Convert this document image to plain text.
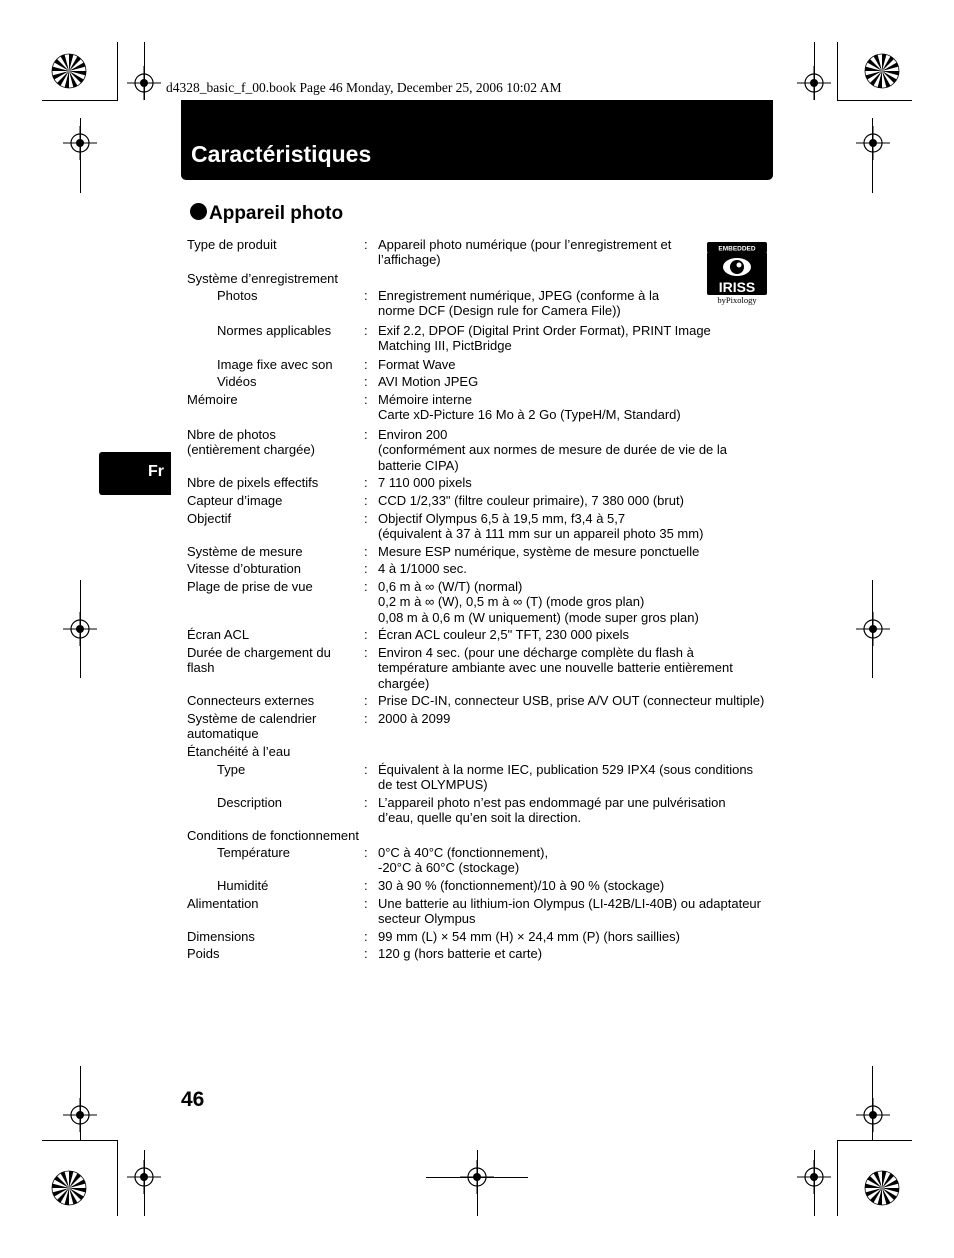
d4328_basic_f_00.book Page 46 Monday, December 25, 2006 10:02 AM
Caractéristiques
Fr
Appareil photo
EMBEDDED
IRISS
byPixology
Type de produit	: Appareil photo numérique (pour l’enregistrement et
l’affichage)
Système d’enregistrement
Photos	: Enregistrement numérique, JPEG (conforme à la
norme DCF (Design rule for Camera File))
Normes applicables	: Exif 2.2, DPOF (Digital Print Order Format), PRINT Image
Matching III, PictBridge
Image fixe avec son	: Format Wave
Vidéos	: AVI Motion JPEG
Mémoire	: Mémoire interne
Carte xD-Picture 16 Mo à 2 Go (TypeH/M, Standard)
Nbre de photos (entièrement chargée)
: Environ 200
(conformément aux normes de mesure de durée de vie de la
batterie CIPA)
Nbre de pixels effectifs	: 7 110 000 pixels
Capteur d’image	: CCD 1/2,33" (filtre couleur primaire), 7 380 000 (brut)
Objectif	: Objectif Olympus 6,5 à 19,5 mm, f3,4 à 5,7
(équivalent à 37 à 111 mm sur un appareil photo 35 mm)
Système de mesure	: Mesure ESP numérique, système de mesure ponctuelle
Vitesse d’obturation	: 4 à 1/1000 sec.
Plage de prise de vue	: 0,6 m à ∞ (W/T) (normal)
0,2 m à ∞ (W), 0,5 m à ∞ (T) (mode gros plan)
0,08 m à 0,6 m (W uniquement) (mode super gros plan)
Écran ACL	: Écran ACL couleur 2,5" TFT, 230 000 pixels
Durée de chargement du flash
: Environ 4 sec. (pour une décharge complète du flash à
température ambiante avec une nouvelle batterie entièrement
chargée)
Connecteurs externes	: Prise DC-IN, connecteur USB, prise A/V OUT (connecteur multiple)
Système de calendrier automatique
: 2000 à 2099
Étanchéité à l’eau
Type	: Équivalent à la norme IEC, publication 529 IPX4 (sous conditions
de test OLYMPUS)
Description	: L’appareil photo n’est pas endommagé par une pulvérisation
d’eau, quelle qu’en soit la direction.
Conditions de fonctionnement
Température	: 0°C à 40°C (fonctionnement),
-20°C à 60°C (stockage)
Humidité	: 30 à 90 % (fonctionnement)/10 à 90 % (stockage)
Alimentation	: Une batterie au lithium-ion Olympus (LI-42B/LI-40B) ou adaptateur
secteur Olympus
Dimensions	: 99 mm (L) × 54 mm (H) × 24,4 mm (P) (hors saillies)
Poids	: 120 g (hors batterie et carte)
46
